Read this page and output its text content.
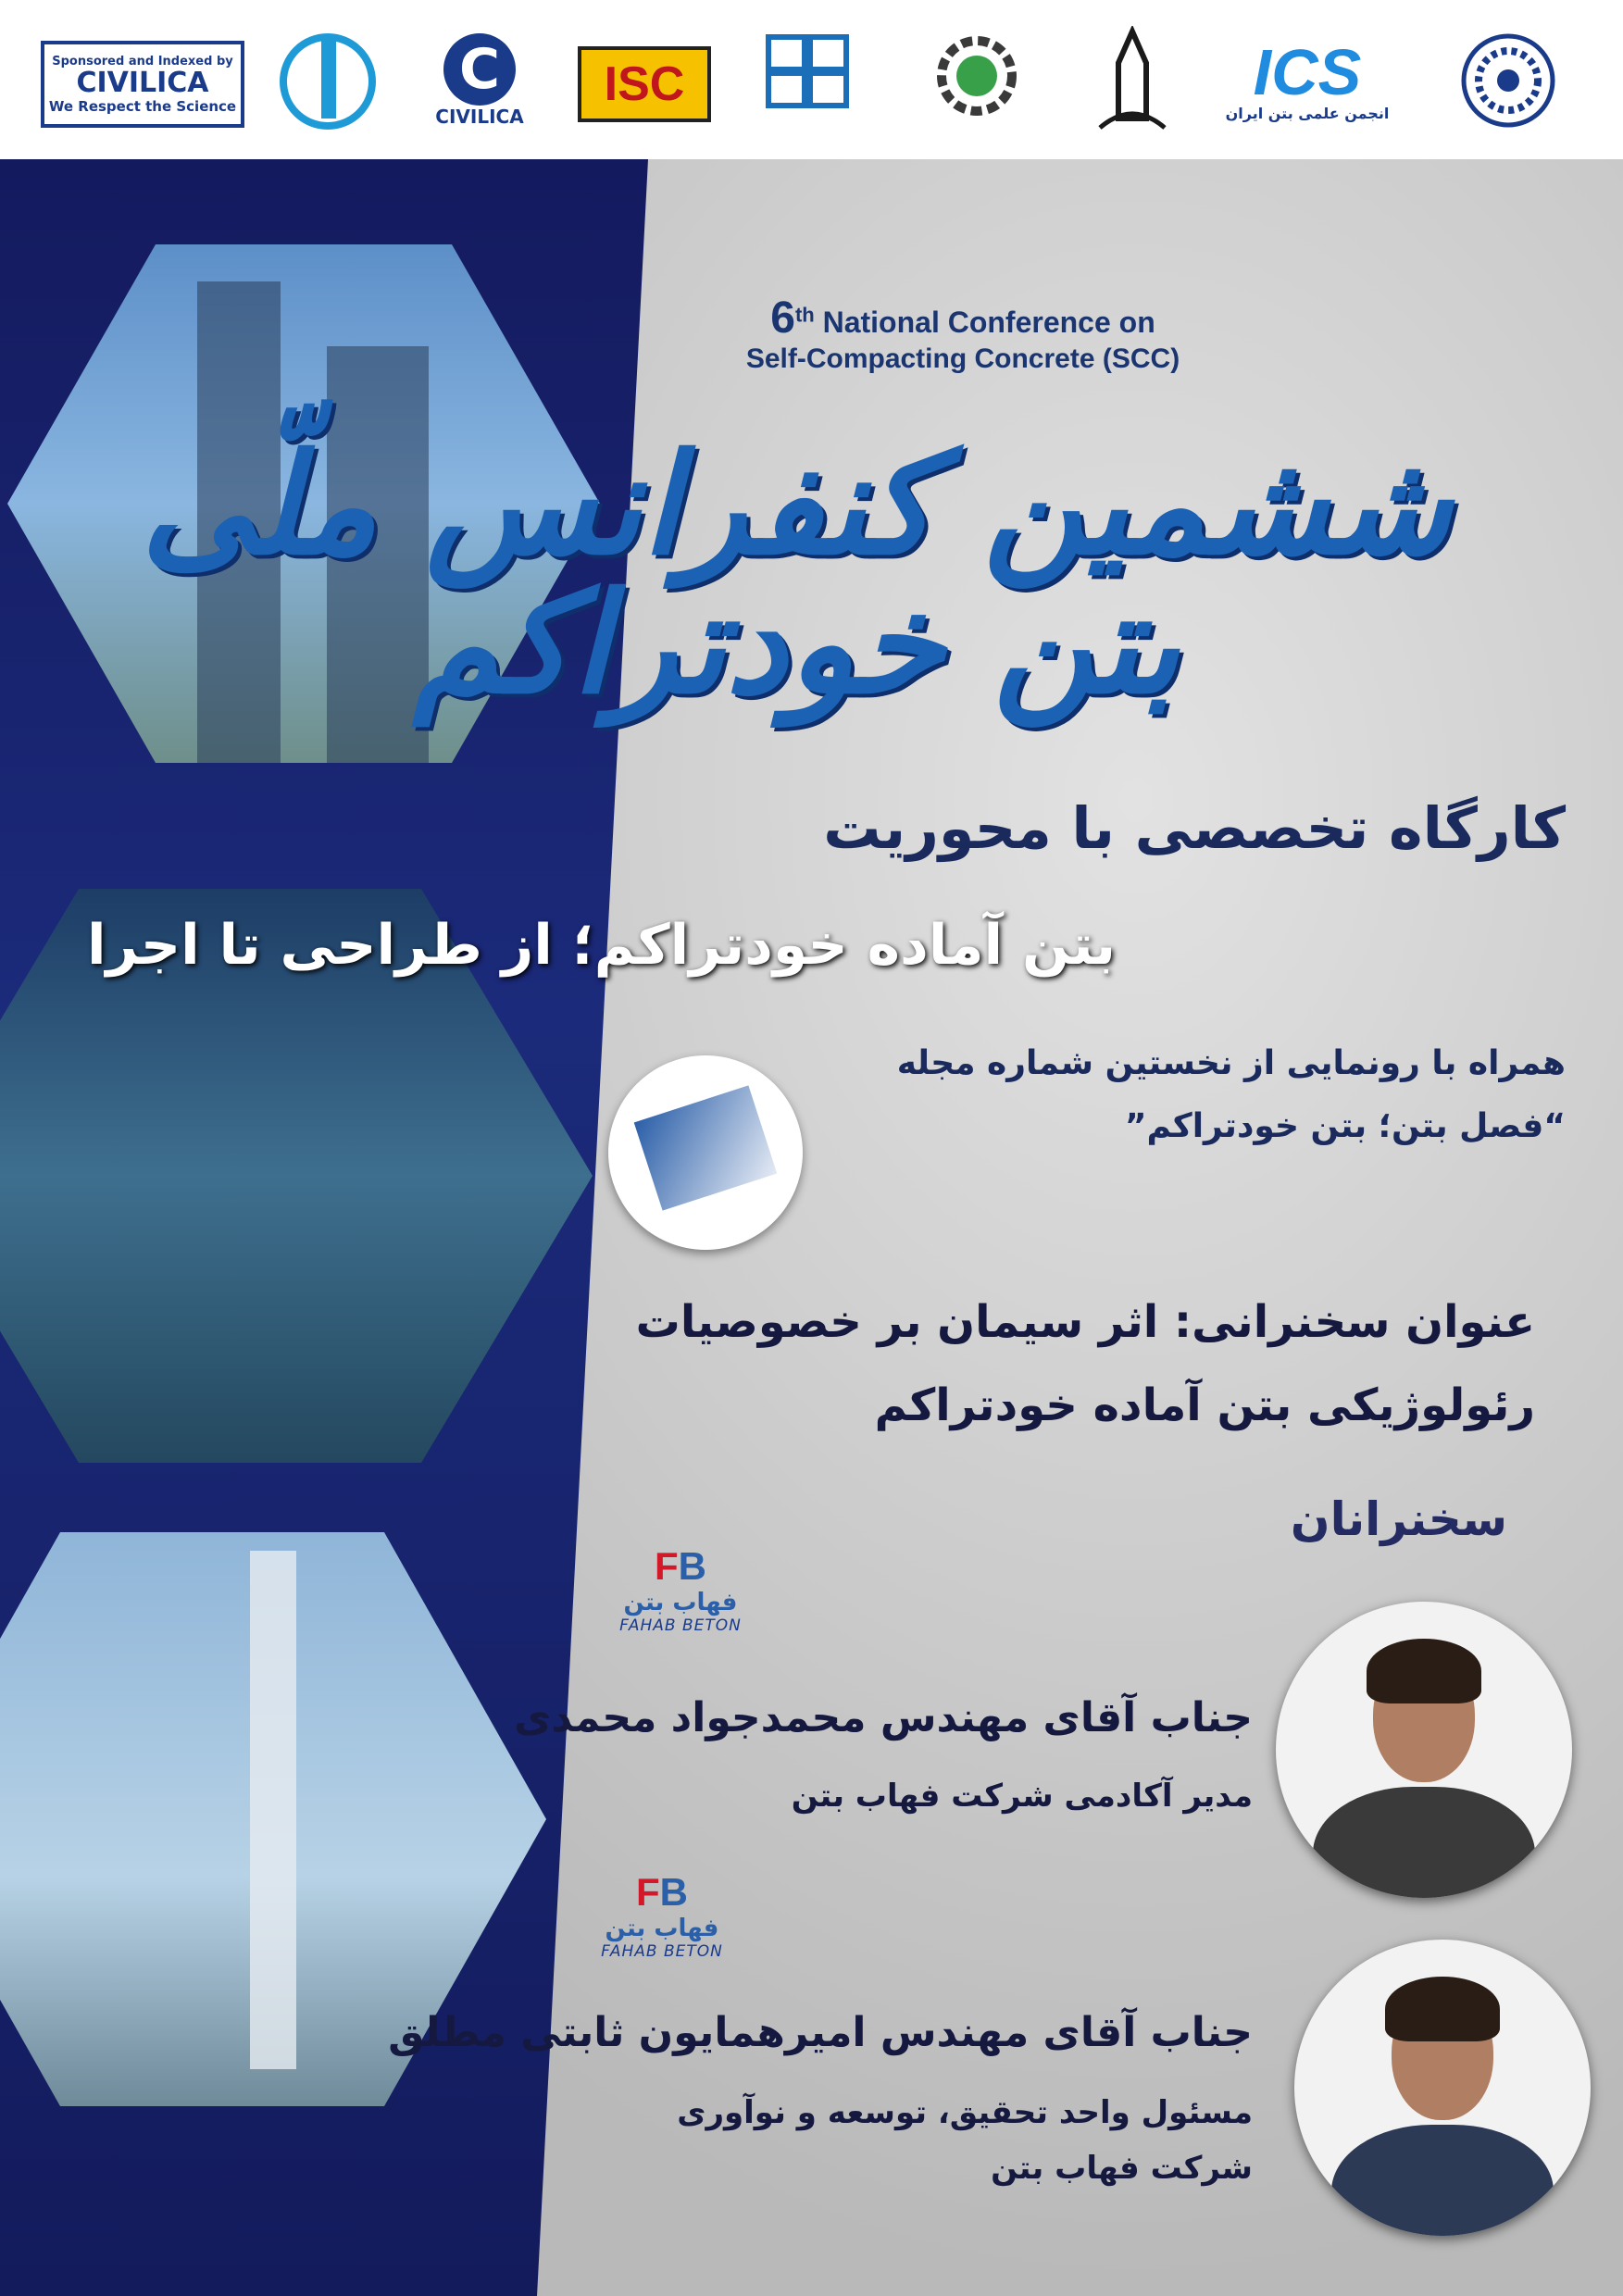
Sponsored and Indexed by
CIVILICA
We Respect the Science
C
CIVILICA
ISC	ICS
انجمن علمی بتن ایران
6th National Conference on
Self-Compacting Concrete (SCC)
ششمین کنفرانس ملّی بتن خودتراکم
کارگاه تخصصی با محوریت
بتن آماده خودتراکم؛ از طراحی تا اجرا
همراه با رونمایی از نخستین شماره مجله
“فصل بتن؛ بتن خودتراکم”
عنوان سخنرانی: اثر سیمان بر خصوصیات
رئولوژیکی بتن آماده خودتراکم
سخنرانان
FB
فهاب بتن
FAHAB BETON
جناب آقای مهندس محمدجواد محمدی
مدیر آکادمی شرکت فهاب بتن
FB
فهاب بتن
FAHAB BETON
جناب آقای مهندس امیرهمایون ثابتی مطلق
مسئول واحد تحقیق، توسعه و نوآوری
شرکت فهاب بتن
